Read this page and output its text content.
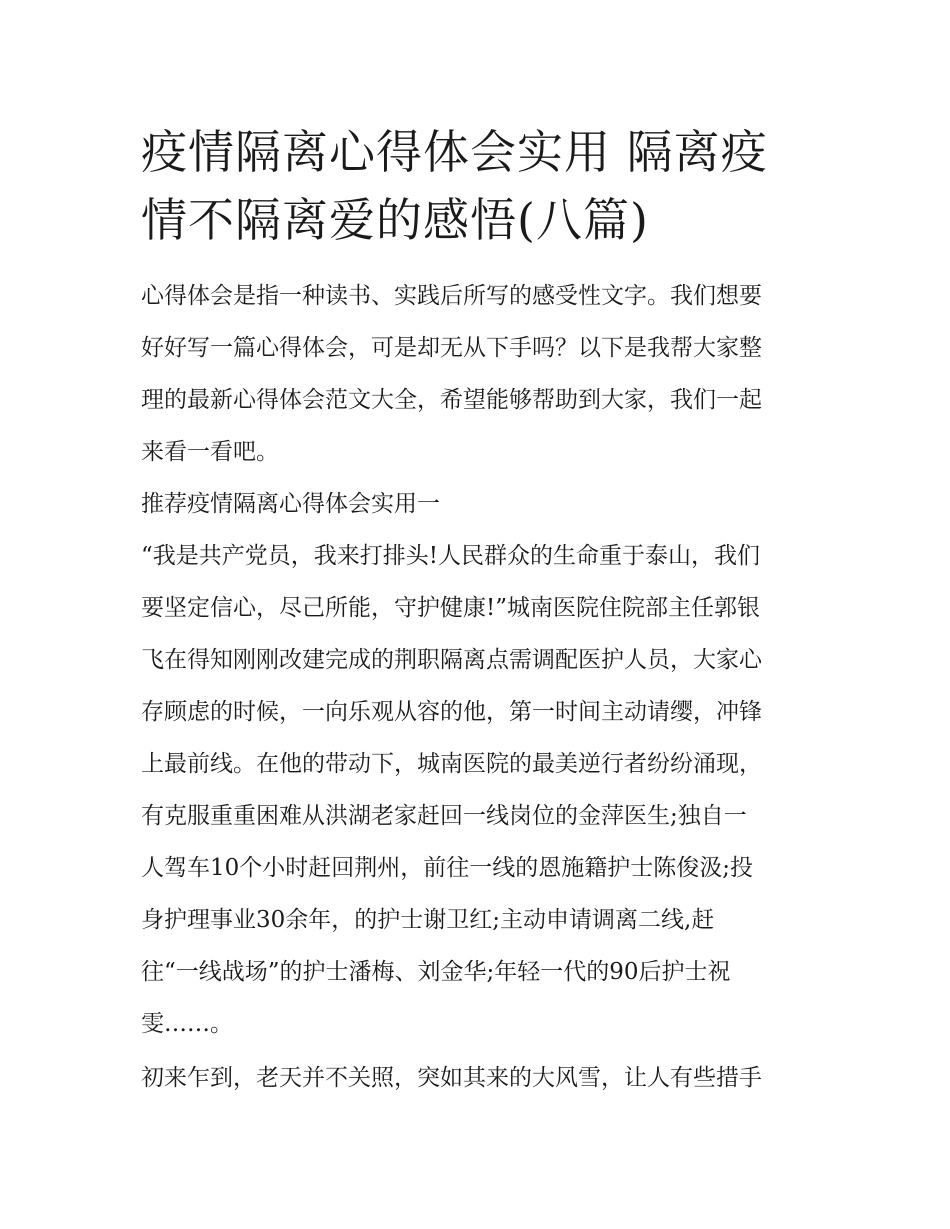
疫情隔离心得体会实用 隔离疫
情不隔离爱的感悟(八篇)

心得体会是指一种读书、实践后所写的感受性文字。我们想要
好好写一篇心得体会，可是却无从下手吗？以下是我帮大家整
理的最新心得体会范文大全，希望能够帮助到大家，我们一起
来看一看吧。

推荐疫情隔离心得体会实用一

“我是共产党员，我来打排头!人民群众的生命重于泰山，我们
要坚定信心，尽己所能，守护健康!”城南医院住院部主任郭银
飞在得知刚刚改建完成的荆职隔离点需调配医护人员，大家心
存顾虑的时候，一向乐观从容的他，第一时间主动请缨，冲锋
上最前线。在他的带动下，城南医院的最美逆行者纷纷涌现，
有克服重重困难从洪湖老家赶回一线岗位的金萍医生;独自一
人驾车10个小时赶回荆州，前往一线的恩施籍护士陈俊汲;投
身护理事业30余年，的护士谢卫红;主动申请调离二线,赶
往“一线战场”的护士潘梅、刘金华;年轻一代的90后护士祝
雯……。

初来乍到，老天并不关照，突如其来的大风雪，让人有些措手
